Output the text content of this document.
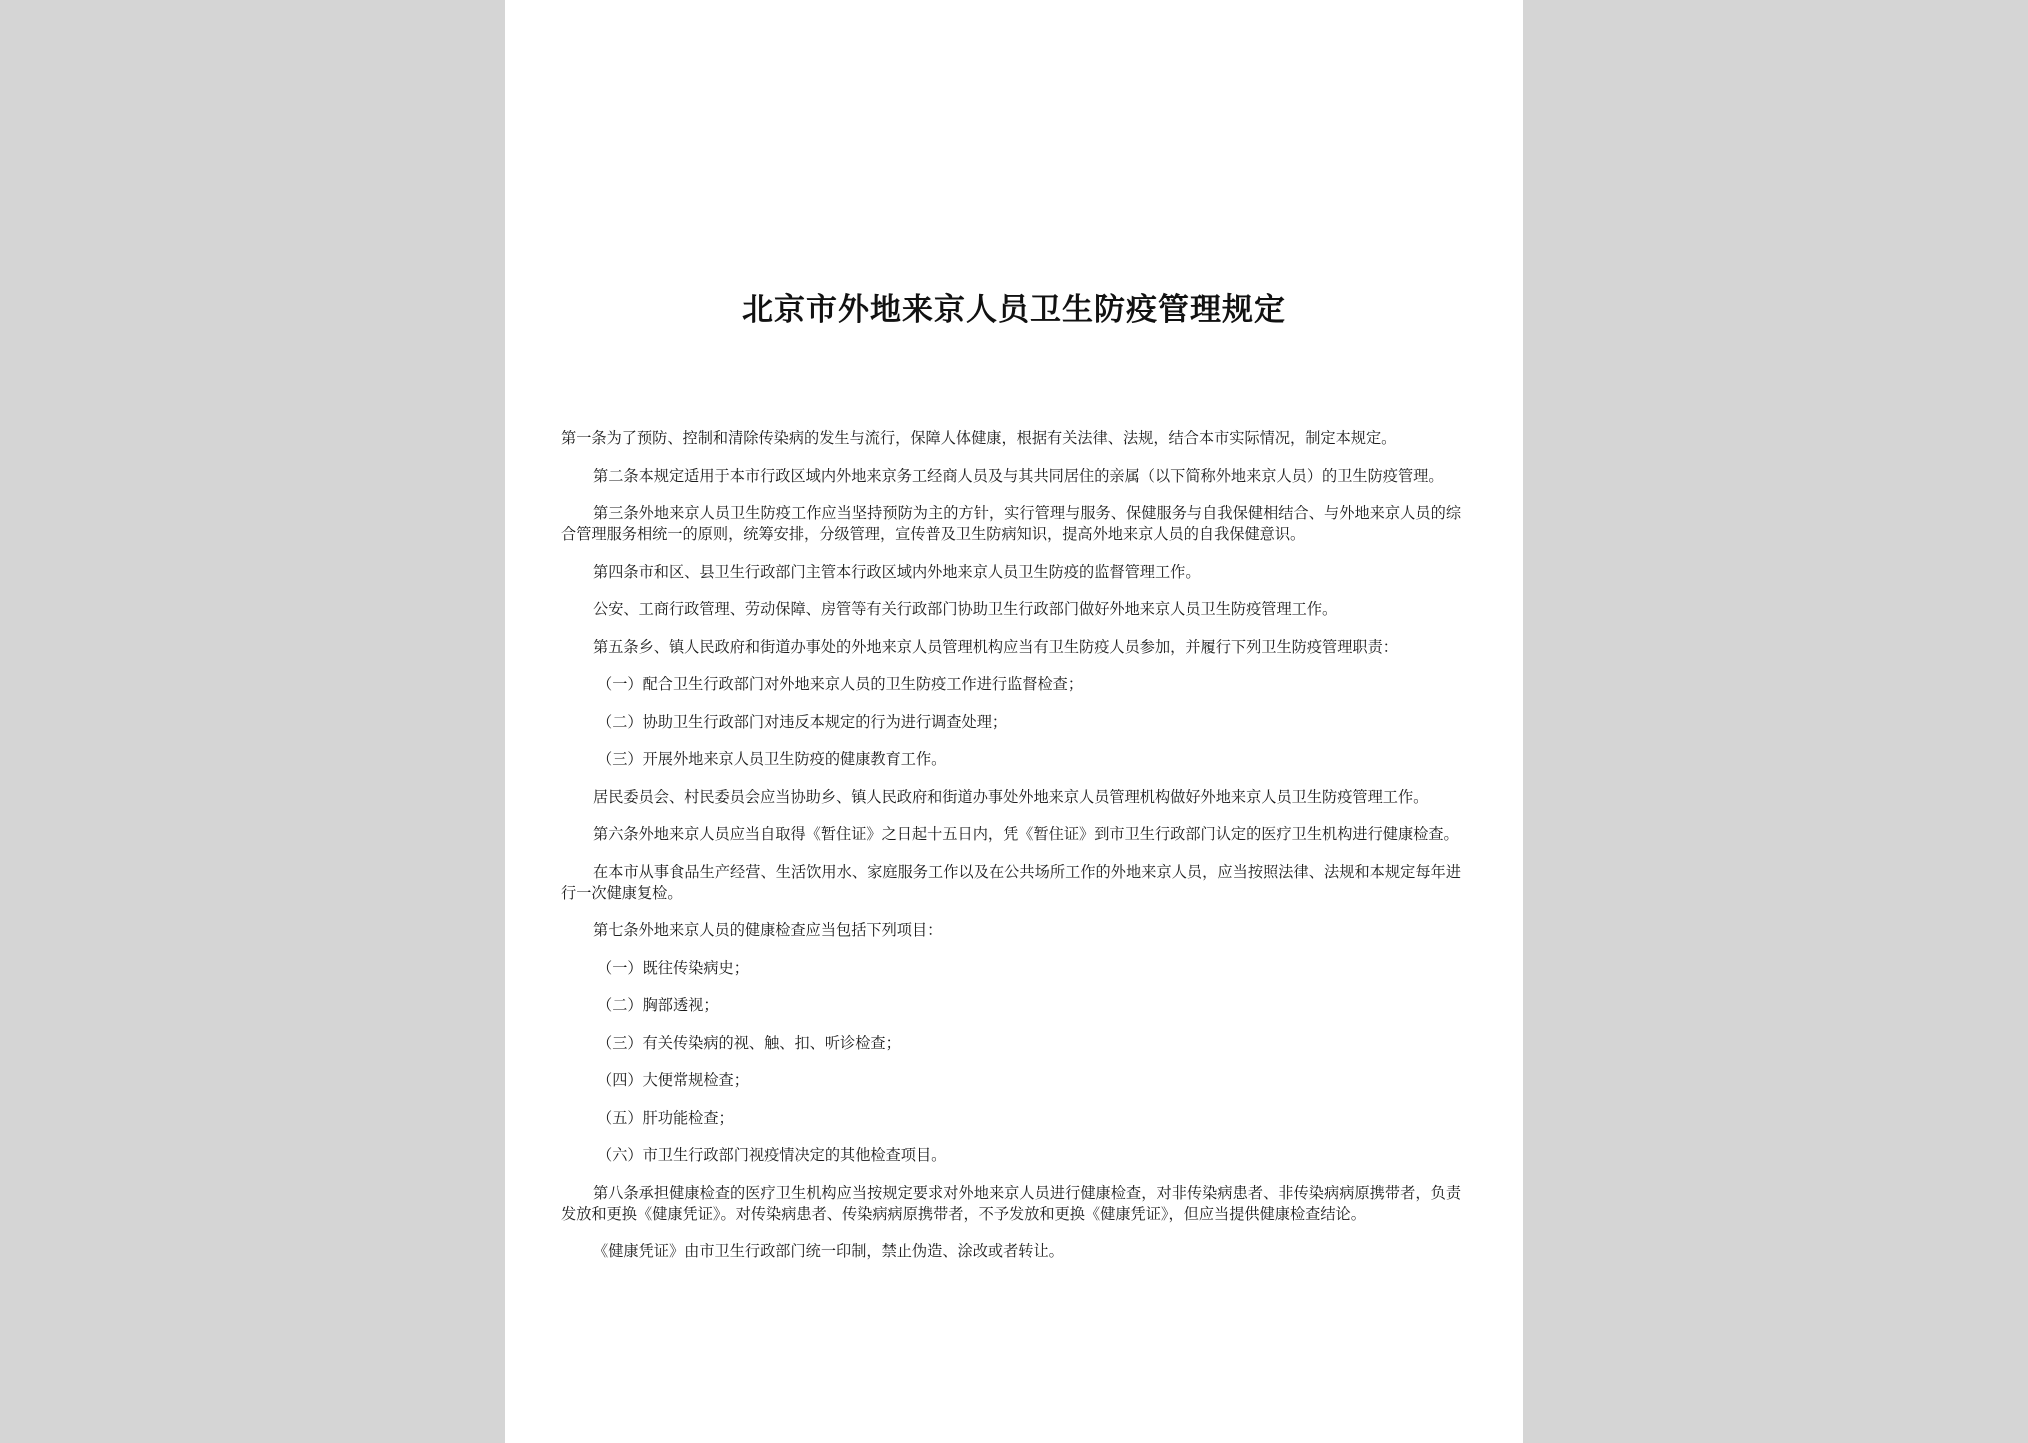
北京市外地来京人员卫生防疫管理规定

第一条为了预防、控制和清除传染病的发生与流行，保障人体健康，根据有关法律、法规，结合本市实际情况，制定本规定。

第二条本规定适用于本市行政区域内外地来京务工经商人员及与其共同居住的亲属（以下简称外地来京人员）的卫生防疫管理。

第三条外地来京人员卫生防疫工作应当坚持预防为主的方针，实行管理与服务、保健服务与自我保健相结合、与外地来京人员的综合管理服务相统一的原则，统筹安排，分级管理，宣传普及卫生防病知识，提高外地来京人员的自我保健意识。

第四条市和区、县卫生行政部门主管本行政区域内外地来京人员卫生防疫的监督管理工作。

公安、工商行政管理、劳动保障、房管等有关行政部门协助卫生行政部门做好外地来京人员卫生防疫管理工作。

第五条乡、镇人民政府和街道办事处的外地来京人员管理机构应当有卫生防疫人员参加，并履行下列卫生防疫管理职责：

（一）配合卫生行政部门对外地来京人员的卫生防疫工作进行监督检查；

（二）协助卫生行政部门对违反本规定的行为进行调查处理；

（三）开展外地来京人员卫生防疫的健康教育工作。

居民委员会、村民委员会应当协助乡、镇人民政府和街道办事处外地来京人员管理机构做好外地来京人员卫生防疫管理工作。

第六条外地来京人员应当自取得《暂住证》之日起十五日内，凭《暂住证》到市卫生行政部门认定的医疗卫生机构进行健康检查。

在本市从事食品生产经营、生活饮用水、家庭服务工作以及在公共场所工作的外地来京人员，应当按照法律、法规和本规定每年进行一次健康复检。

第七条外地来京人员的健康检查应当包括下列项目：

（一）既往传染病史；

（二）胸部透视；

（三）有关传染病的视、触、扣、听诊检查；

（四）大便常规检查；

（五）肝功能检查；

（六）市卫生行政部门视疫情决定的其他检查项目。

第八条承担健康检查的医疗卫生机构应当按规定要求对外地来京人员进行健康检查，对非传染病患者、非传染病病原携带者，负责发放和更换《健康凭证》。对传染病患者、传染病病原携带者，不予发放和更换《健康凭证》，但应当提供健康检查结论。

《健康凭证》由市卫生行政部门统一印制，禁止伪造、涂改或者转让。
